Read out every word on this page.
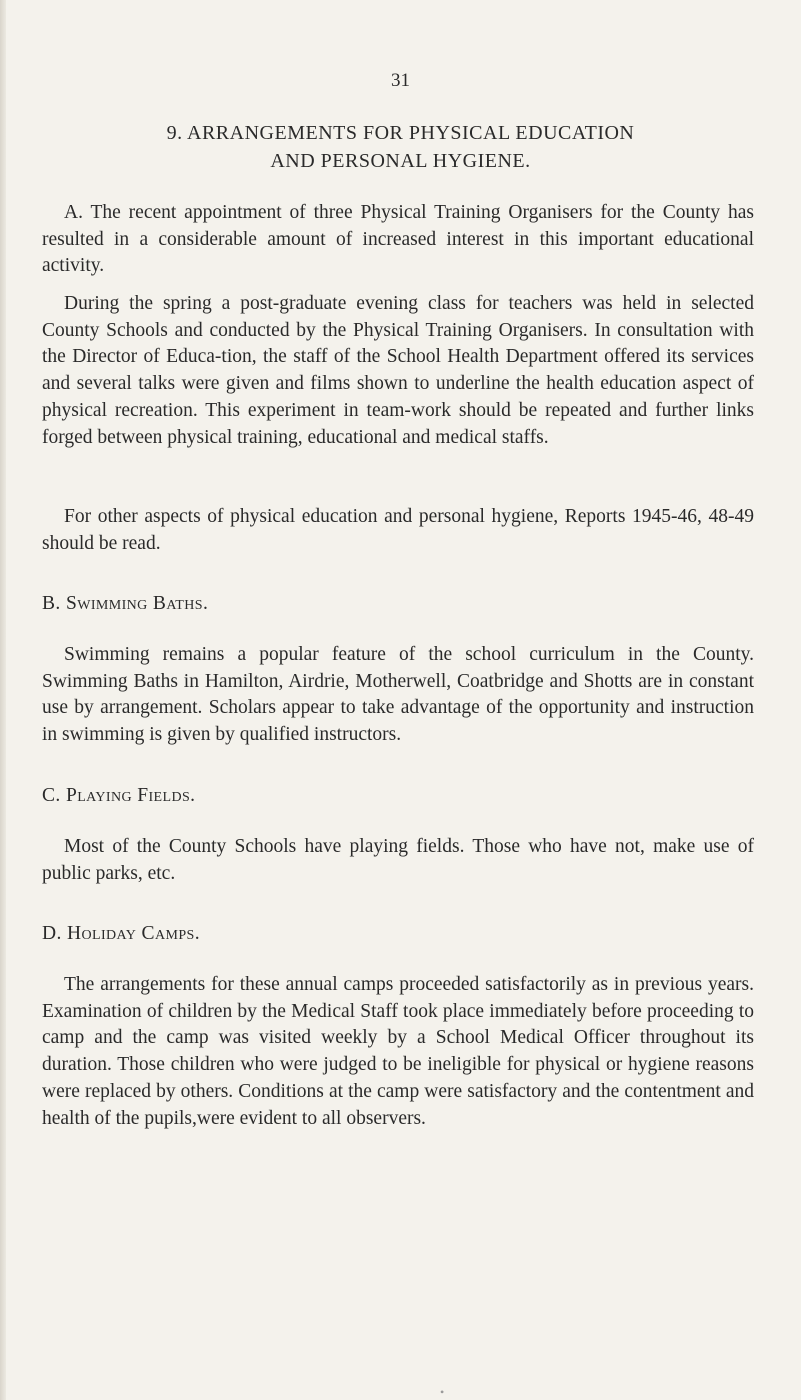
31
9. ARRANGEMENTS FOR PHYSICAL EDUCATION
AND PERSONAL HYGIENE.

A. The recent appointment of three Physical Training Organisers for the County has resulted in a considerable amount of increased interest in this important educational activity.

During the spring a post-graduate evening class for teachers was held in selected County Schools and conducted by the Physical Training Organisers. In consultation with the Director of Educa-tion, the staff of the School Health Department offered its services and several talks were given and films shown to underline the health education aspect of physical recreation. This experiment in team-work should be repeated and further links forged between physical training, educational and medical staffs.

For other aspects of physical education and personal hygiene, Reports 1945-46, 48-49 should be read.

B. Swimming Baths.

Swimming remains a popular feature of the school curriculum in the County. Swimming Baths in Hamilton, Airdrie, Motherwell, Coatbridge and Shotts are in constant use by arrangement. Scholars appear to take advantage of the opportunity and instruction in swimming is given by qualified instructors.

C. Playing Fields.

Most of the County Schools have playing fields. Those who have not, make use of public parks, etc.

D. Holiday Camps.

The arrangements for these annual camps proceeded satisfactorily as in previous years. Examination of children by the Medical Staff took place immediately before proceeding to camp and the camp was visited weekly by a School Medical Officer throughout its duration. Those children who were judged to be ineligible for physical or hygiene reasons were replaced by others. Conditions at the camp were satisfactory and the contentment and health of the pupils,were evident to all observers.

•
